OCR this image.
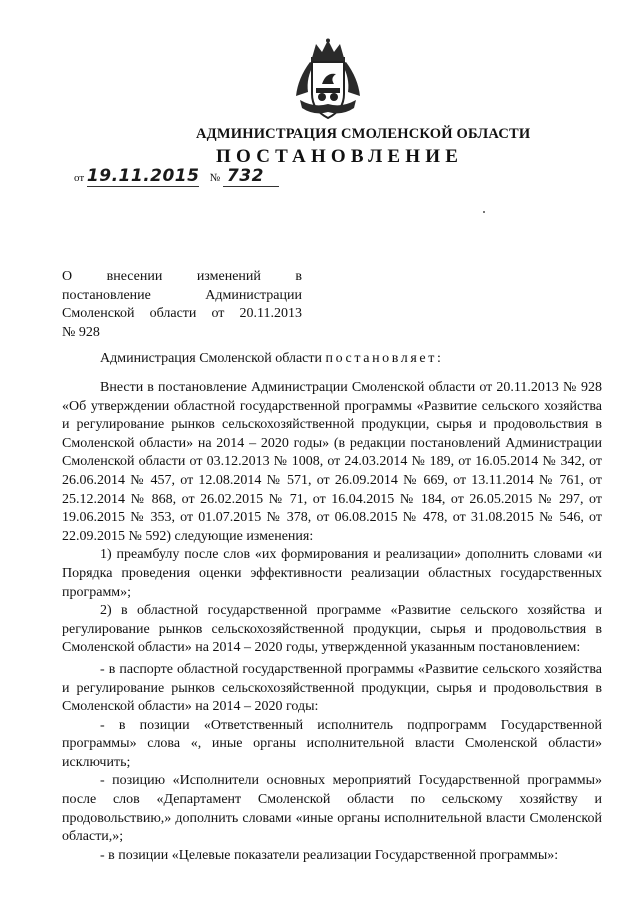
АДМИНИСТРАЦИЯ СМОЛЕНСКОЙ ОБЛАСТИ
ПОСТАНОВЛЕНИЕ
от 19.11.2015 № 732
О внесении изменений в
постановление Администрации
Смоленской области от 20.11.2013
№ 928
Администрация Смоленской области постановляет:
Внести в постановление Администрации Смоленской области от 20.11.2013 № 928 «Об утверждении областной государственной программы «Развитие сельского хозяйства и регулирование рынков сельскохозяйственной продукции, сырья и продовольствия в Смоленской области» на 2014 – 2020 годы» (в редакции постановлений Администрации Смоленской области от 03.12.2013 № 1008, от 24.03.2014 № 189, от 16.05.2014 № 342, от 26.06.2014 № 457, от 12.08.2014 № 571, от 26.09.2014 № 669, от 13.11.2014 № 761, от 25.12.2014 № 868, от 26.02.2015 № 71, от 16.04.2015 № 184, от 26.05.2015 № 297, от 19.06.2015 № 353, от 01.07.2015 № 378, от 06.08.2015 № 478, от 31.08.2015 № 546, от 22.09.2015 № 592) следующие изменения:
1) преамбулу после слов «их формирования и реализации» дополнить словами «и Порядка проведения оценки эффективности реализации областных государственных программ»;
2) в областной государственной программе «Развитие сельского хозяйства и регулирование рынков сельскохозяйственной продукции, сырья и продовольствия в Смоленской области» на 2014 – 2020 годы, утвержденной указанным постановлением:
- в паспорте областной государственной программы «Развитие сельского хозяйства и регулирование рынков сельскохозяйственной продукции, сырья и продовольствия в Смоленской области» на 2014 – 2020 годы:
- в позиции «Ответственный исполнитель подпрограмм Государственной программы» слова «, иные органы исполнительной власти Смоленской области» исключить;
- позицию «Исполнители основных мероприятий Государственной программы» после слов «Департамент Смоленской области по сельскому хозяйству и продовольствию,» дополнить словами «иные органы исполнительной власти Смоленской области,»;
- в позиции «Целевые показатели реализации Государственной программы»:
